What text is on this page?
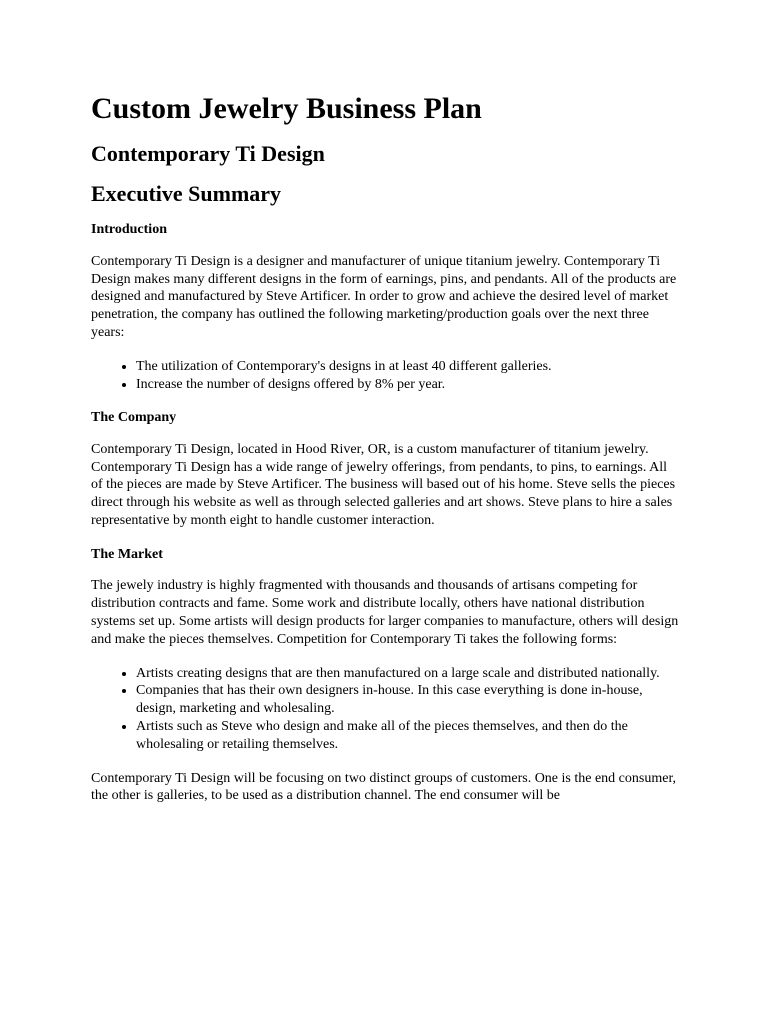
Custom Jewelry Business Plan
Contemporary Ti Design
Executive Summary
Introduction

Contemporary Ti Design is a designer and manufacturer of unique titanium jewelry. Contemporary Ti Design makes many different designs in the form of earnings, pins, and pendants. All of the products are designed and manufactured by Steve Artificer. In order to grow and achieve the desired level of market penetration, the company has outlined the following marketing/production goals over the next three years:

• The utilization of Contemporary's designs in at least 40 different galleries.
• Increase the number of designs offered by 8% per year.
The Company

Contemporary Ti Design, located in Hood River, OR, is a custom manufacturer of titanium jewelry. Contemporary Ti Design has a wide range of jewelry offerings, from pendants, to pins, to earnings. All of the pieces are made by Steve Artificer. The business will based out of his home. Steve sells the pieces direct through his website as well as through selected galleries and art shows. Steve plans to hire a sales representative by month eight to handle customer interaction.

The Market

The jewely industry is highly fragmented with thousands and thousands of artisans competing for distribution contracts and fame. Some work and distribute locally, others have national distribution systems set up. Some artists will design products for larger companies to manufacture, others will design and make the pieces themselves. Competition for Contemporary Ti takes the following forms:

• Artists creating designs that are then manufactured on a large scale and distributed nationally.
• Companies that has their own designers in-house. In this case everything is done in-house, design, marketing and wholesaling.
• Artists such as Steve who design and make all of the pieces themselves, and then do the wholesaling or retailing themselves.

Contemporary Ti Design will be focusing on two distinct groups of customers. One is the end consumer, the other is galleries, to be used as a distribution channel. The end consumer will be
